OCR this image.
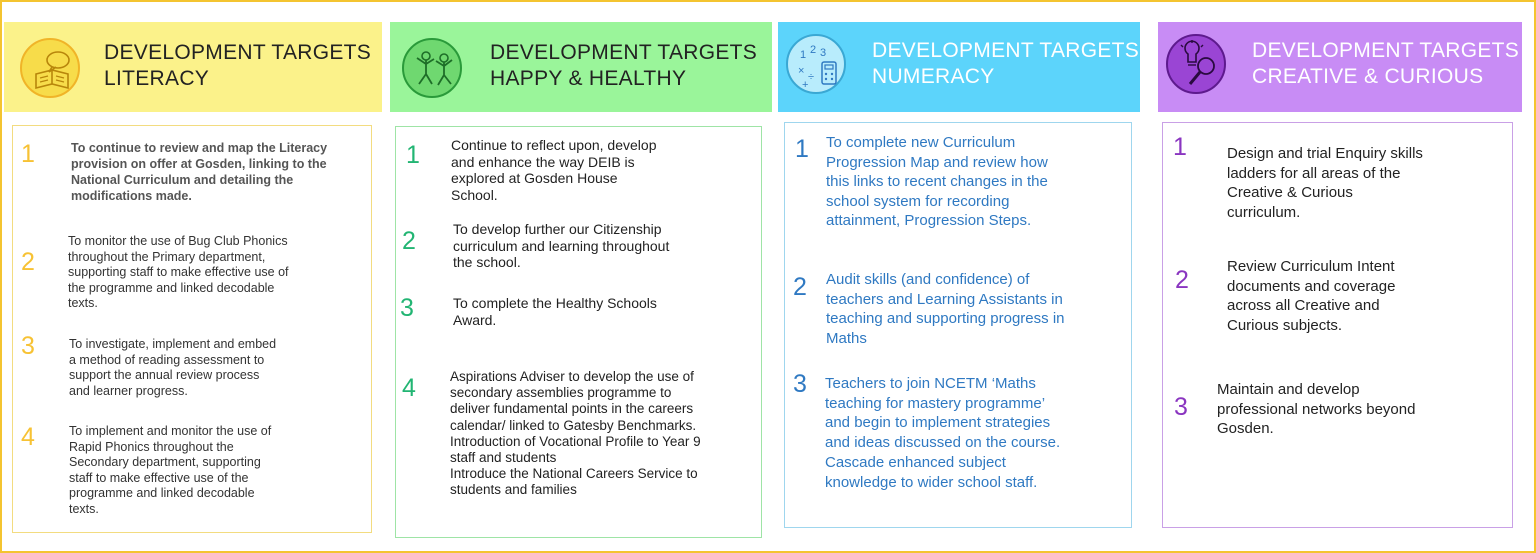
DEVELOPMENT TARGETS
LITERACY
1	To continue to review and map the Literacy
provision on offer at Gosden, linking to the
National Curriculum and detailing the
modifications made.
2
To monitor the use of Bug Club Phonics
throughout the Primary department,
supporting staff to make effective use of
the programme and linked decodable
texts.
3	To investigate, implement and embed
a method of reading assessment to
support the annual review process
and learner progress.
4	To implement and monitor the use of
Rapid Phonics throughout the
Secondary department, supporting
staff to make effective use of the
programme and linked decodable
texts.
DEVELOPMENT TARGETS
HAPPY & HEALTHY
1 Continue to reflect upon, develop
and enhance the way DEIB is
explored at Gosden House
School.
2	To develop further our Citizenship
curriculum and learning throughout
the school.
3	To complete the Healthy Schools
Award.
4	Aspirations Adviser to develop the use of
secondary assemblies programme to
deliver fundamental points in the careers
calendar/ linked to Gatesby Benchmarks.
Introduction of Vocational Profile to Year 9
staff and students
Introduce the National Careers Service to
students and families
1 2 3
× ÷
+
DEVELOPMENT TARGETS
NUMERACY
1 To complete new Curriculum
Progression Map and review how
this links to recent changes in the
school system for recording
attainment, Progression Steps.
2 Audit skills (and confidence) of
teachers and Learning Assistants in
teaching and supporting progress in
Maths
3 Teachers to join NCETM ‘Maths
teaching for mastery programme’
and begin to implement strategies
and ideas discussed on the course.
Cascade enhanced subject
knowledge to wider school staff.
DEVELOPMENT TARGETS
CREATIVE & CURIOUS
1	Design and trial Enquiry skills
ladders for all areas of the
Creative & Curious
curriculum.
2	Review Curriculum Intent
documents and coverage
across all Creative and
Curious subjects.
3
Maintain and develop
professional networks beyond
Gosden.
